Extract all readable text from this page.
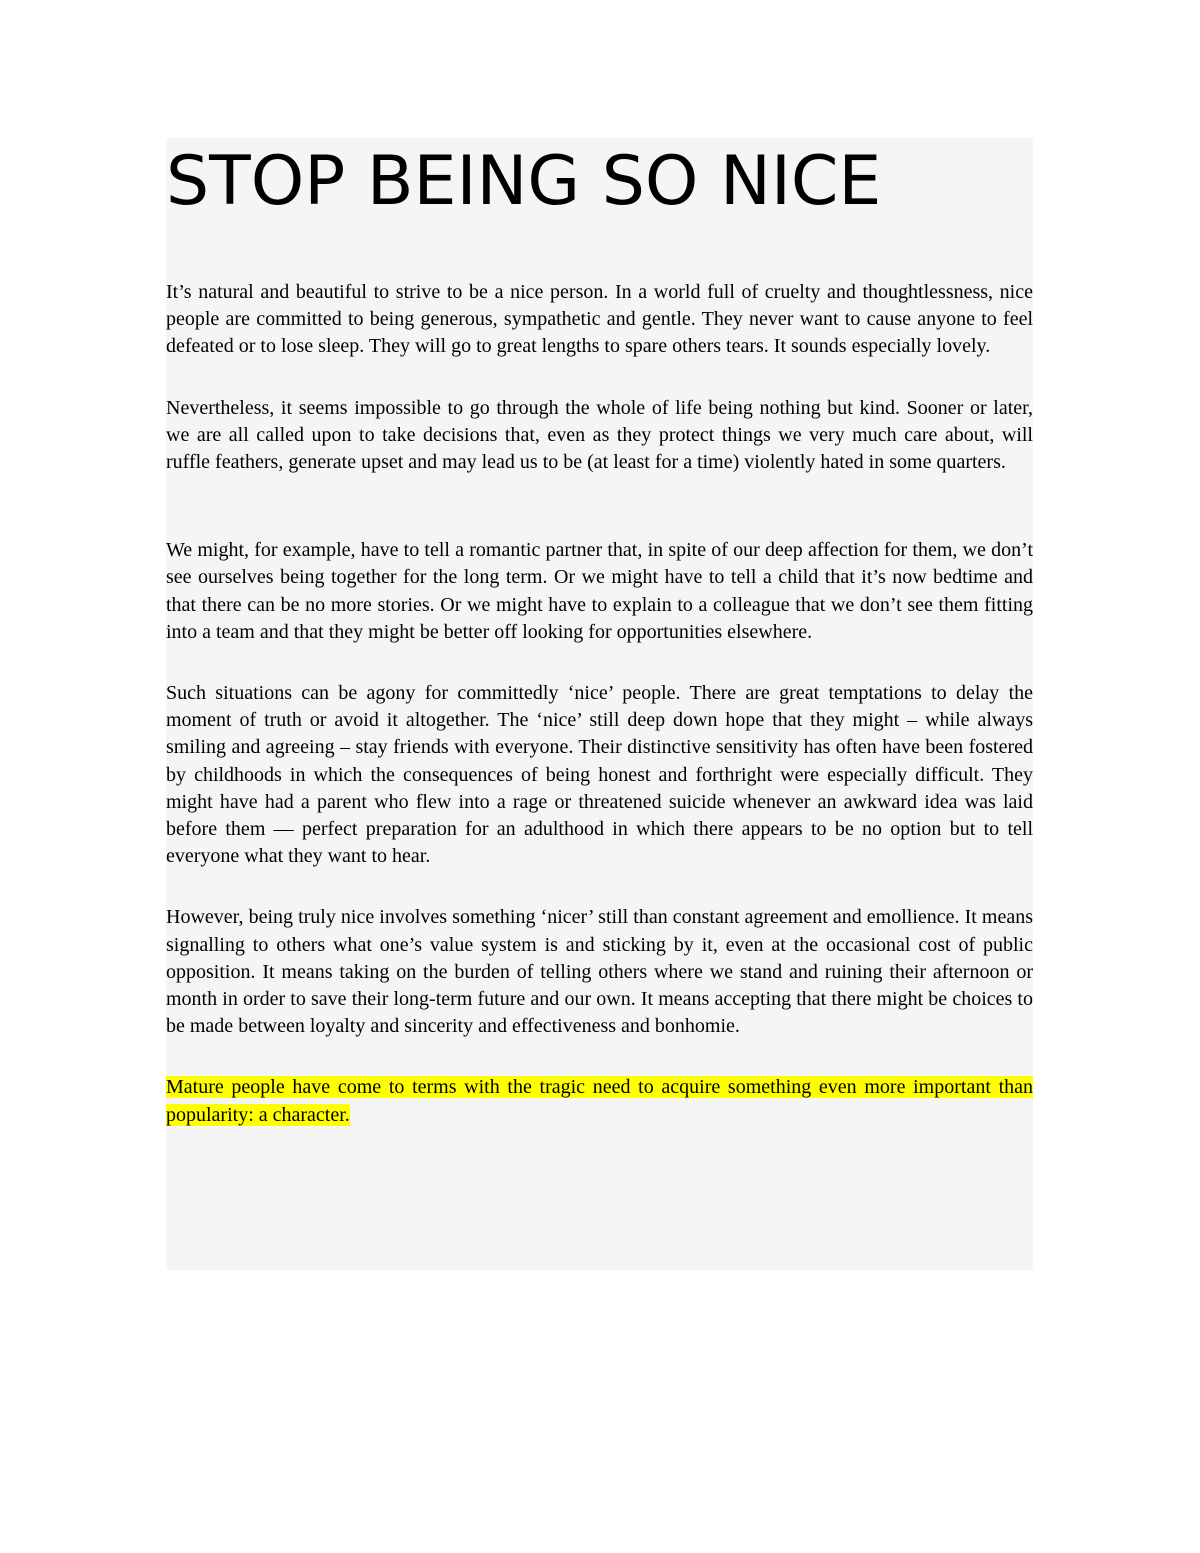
STOP BEING SO NICE

It’s natural and beautiful to strive to be a nice person. In a world full of cruelty and thoughtlessness, nice people are committed to being generous, sympathetic and gentle. They never want to cause anyone to feel defeated or to lose sleep. They will go to great lengths to spare others tears. It sounds especially lovely.

Nevertheless, it seems impossible to go through the whole of life being nothing but kind. Sooner or later, we are all called upon to take decisions that, even as they protect things we very much care about, will ruffle feathers, generate upset and may lead us to be (at least for a time) violently hated in some quarters.

We might, for example, have to tell a romantic partner that, in spite of our deep affection for them, we don’t see ourselves being together for the long term. Or we might have to tell a child that it’s now bedtime and that there can be no more stories. Or we might have to explain to a colleague that we don’t see them fitting into a team and that they might be better off looking for opportunities elsewhere.

Such situations can be agony for committedly ‘nice’ people. There are great temptations to delay the moment of truth or avoid it altogether. The ‘nice’ still deep down hope that they might – while always smiling and agreeing – stay friends with everyone. Their distinctive sensitivity has often have been fostered by childhoods in which the consequences of being honest and forthright were especially difficult. They might have had a parent who flew into a rage or threatened suicide whenever an awkward idea was laid before them — perfect preparation for an adulthood in which there appears to be no option but to tell everyone what they want to hear.

However, being truly nice involves something ‘nicer’ still than constant agreement and emollience. It means signalling to others what one’s value system is and sticking by it, even at the occasional cost of public opposition. It means taking on the burden of telling others where we stand and ruining their afternoon or month in order to save their long-term future and our own. It means accepting that there might be choices to be made between loyalty and sincerity and effectiveness and bonhomie.

Mature people have come to terms with the tragic need to acquire something even more important than popularity: a character.
